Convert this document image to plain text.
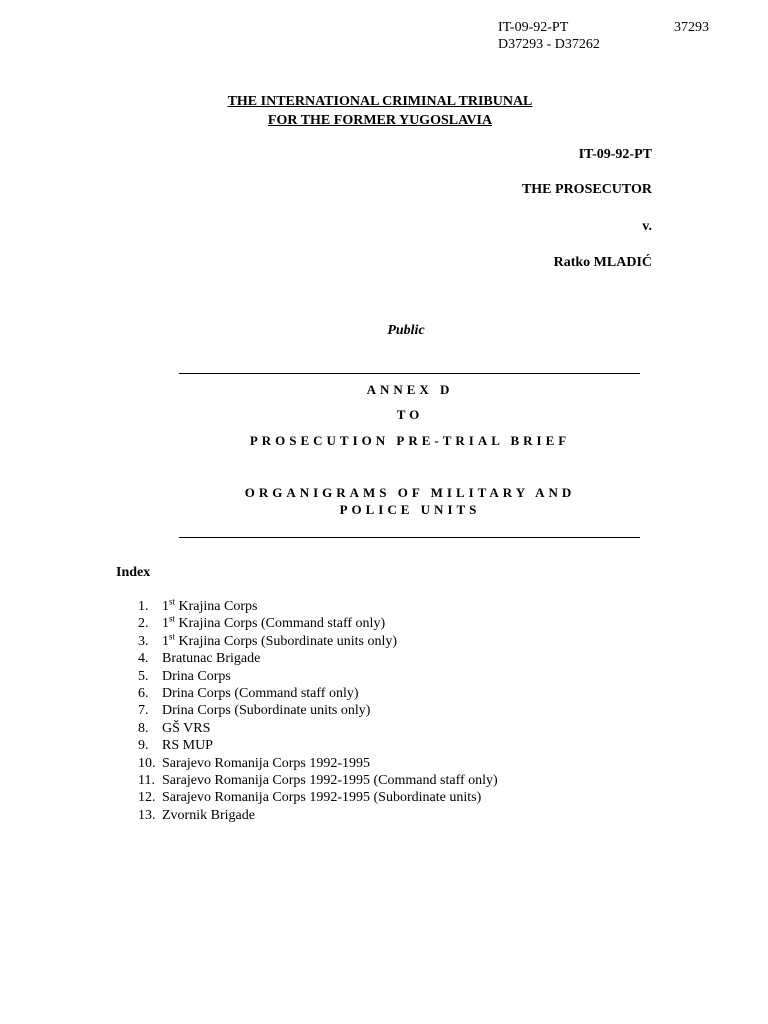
IT-09-92-PT
D37293 - D37262
37293
THE INTERNATIONAL CRIMINAL TRIBUNAL
FOR THE FORMER YUGOSLAVIA
IT-09-92-PT
THE PROSECUTOR
v.
Ratko MLADIĆ
Public
ANNEX D
TO
PROSECUTION PRE-TRIAL BRIEF
ORGANIGRAMS OF MILITARY AND
POLICE UNITS
Index
1. 1st Krajina Corps
2. 1st Krajina Corps (Command staff only)
3. 1st Krajina Corps (Subordinate units only)
4. Bratunac Brigade
5. Drina Corps
6. Drina Corps (Command staff only)
7. Drina Corps (Subordinate units only)
8. GŠ VRS
9. RS MUP
10. Sarajevo Romanija Corps 1992-1995
11. Sarajevo Romanija Corps 1992-1995 (Command staff only)
12. Sarajevo Romanija Corps 1992-1995 (Subordinate units)
13. Zvornik Brigade
